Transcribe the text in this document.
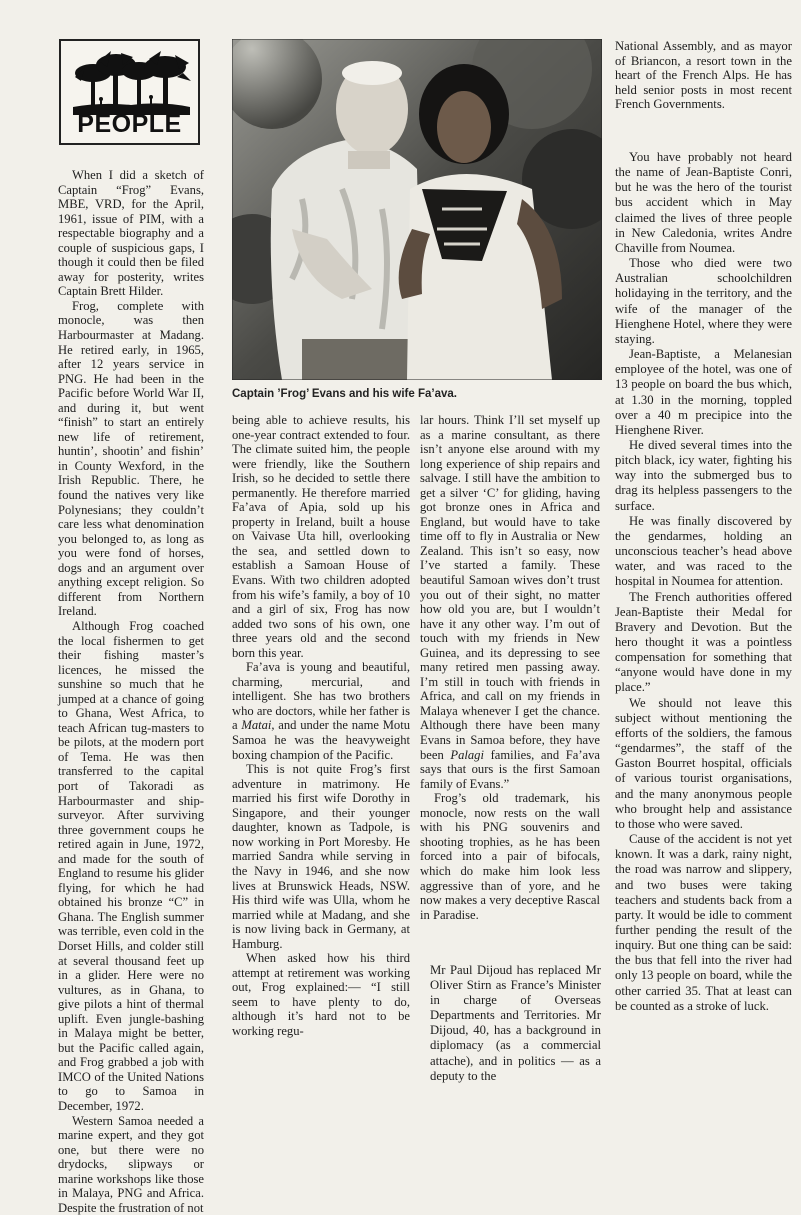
PEOPLE
Captain ’Frog’ Evans and his wife Fa’ava.

When I did a sketch of Captain “Frog” Evans, MBE, VRD, for the April, 1961, issue of PIM, with a respectable biography and a couple of suspicious gaps, I though it could then be filed away for posterity, writes Captain Brett Hilder.

Frog, complete with monocle, was then Harbourmaster at Madang. He retired early, in 1965, after 12 years service in PNG. He had been in the Pacific before World War II, and during it, but went “finish” to start an entirely new life of retirement, huntin’, shootin’ and fishin’ in County Wexford, in the Irish Republic. There, he found the natives very like Polynesians; they couldn’t care less what denomination you belonged to, as long as you were fond of horses, dogs and an argument over anything except religion. So different from Northern Ireland.

Although Frog coached the local fishermen to get their fishing master’s licences, he missed the sunshine so much that he jumped at a chance of going to Ghana, West Africa, to teach African tug-masters to be pilots, at the modern port of Tema. He was then transferred to the capital port of Takoradi as Harbourmaster and ship-surveyor. After surviving three government coups he retired again in June, 1972, and made for the south of England to resume his glider flying, for which he had obtained his bronze “C” in Ghana. The English summer was terrible, even cold in the Dorset Hills, and colder still at several thousand feet up in a glider. Here were no vultures, as in Ghana, to give pilots a hint of thermal uplift. Even jungle-bashing in Malaya might be better, but the Pacific called again, and Frog grabbed a job with IMCO of the United Nations to go to Samoa in December, 1972.

Western Samoa needed a marine expert, and they got one, but there were no drydocks, slipways or marine workshops like those in Malaya, PNG and Africa. Despite the frustration of not

being able to achieve results, his one-year contract extended to four. The climate suited him, the people were friendly, like the Southern Irish, so he decided to settle there permanently. He therefore married Fa’ava of Apia, sold up his property in Ireland, built a house on Vaivase Uta hill, overlooking the sea, and settled down to establish a Samoan House of Evans. With two children adopted from his wife’s family, a boy of 10 and a girl of six, Frog has now added two sons of his own, one three years old and the second born this year.

Fa’ava is young and beautiful, charming, mercurial, and intelligent. She has two brothers who are doctors, while her father is a Matai, and under the name Motu Samoa he was the heavyweight boxing champion of the Pacific.

This is not quite Frog’s first adventure in matrimony. He married his first wife Dorothy in Singapore, and their younger daughter, known as Tadpole, is now working in Port Moresby. He married Sandra while serving in the Navy in 1946, and she now lives at Brunswick Heads, NSW. His third wife was Ulla, whom he married while at Madang, and she is now living back in Germany, at Hamburg.

When asked how his third attempt at retirement was working out, Frog explained:— “I still seem to have plenty to do, although it’s hard not to be working regu-

lar hours. Think I’ll set myself up as a marine consultant, as there isn’t anyone else around with my long experience of ship repairs and salvage. I still have the ambition to get a silver ‘C’ for gliding, having got bronze ones in Africa and England, but would have to take time off to fly in Australia or New Zealand. This isn’t so easy, now I’ve started a family. These beautiful Samoan wives don’t trust you out of their sight, no matter how old you are, but I wouldn’t have it any other way. I’m out of touch with my friends in New Guinea, and its depressing to see many retired men passing away. I’m still in touch with friends in Africa, and call on my friends in Malaya whenever I get the chance. Although there have been many Evans in Samoa before, they have been Palagi families, and Fa’ava says that ours is the first Samoan family of Evans.”

Frog’s old trademark, his monocle, now rests on the wall with his PNG souvenirs and shooting trophies, as he has been forced into a pair of bifocals, which do make him look less aggressive than of yore, and he now makes a very deceptive Rascal in Paradise.

Mr Paul Dijoud has replaced Mr Oliver Stirn as France’s Minister in charge of Overseas Departments and Territories. Mr Dijoud, 40, has a background in diplomacy (as a commercial attache), and in politics — as a deputy to the

National Assembly, and as mayor of Briancon, a resort town in the heart of the French Alps. He has held senior posts in most recent French Governments.

You have probably not heard the name of Jean-Baptiste Conri, but he was the hero of the tourist bus accident which in May claimed the lives of three people in New Caledonia, writes Andre Chaville from Noumea.

Those who died were two Australian schoolchildren holidaying in the territory, and the wife of the manager of the Hienghene Hotel, where they were staying.

Jean-Baptiste, a Melanesian employee of the hotel, was one of 13 people on board the bus which, at 1.30 in the morning, toppled over a 40 m precipice into the Hienghene River.

He dived several times into the pitch black, icy water, fighting his way into the submerged bus to drag its helpless passengers to the surface.

He was finally discovered by the gendarmes, holding an unconscious teacher’s head above water, and was raced to the hospital in Noumea for attention.

The French authorities offered Jean-Baptiste their Medal for Bravery and Devotion. But the hero thought it was a pointless compensation for something that “anyone would have done in my place.”

We should not leave this subject without mentioning the efforts of the soldiers, the famous “gendarmes”, the staff of the Gaston Bourret hospital, officials of various tourist organisations, and the many anonymous people who brought help and assistance to those who were saved.

Cause of the accident is not yet known. It was a dark, rainy night, the road was narrow and slippery, and two buses were taking teachers and students back from a party. It would be idle to comment further pending the result of the inquiry. But one thing can be said: the bus that fell into the river had only 13 people on board, while the other carried 35. That at least can be counted as a stroke of luck.
